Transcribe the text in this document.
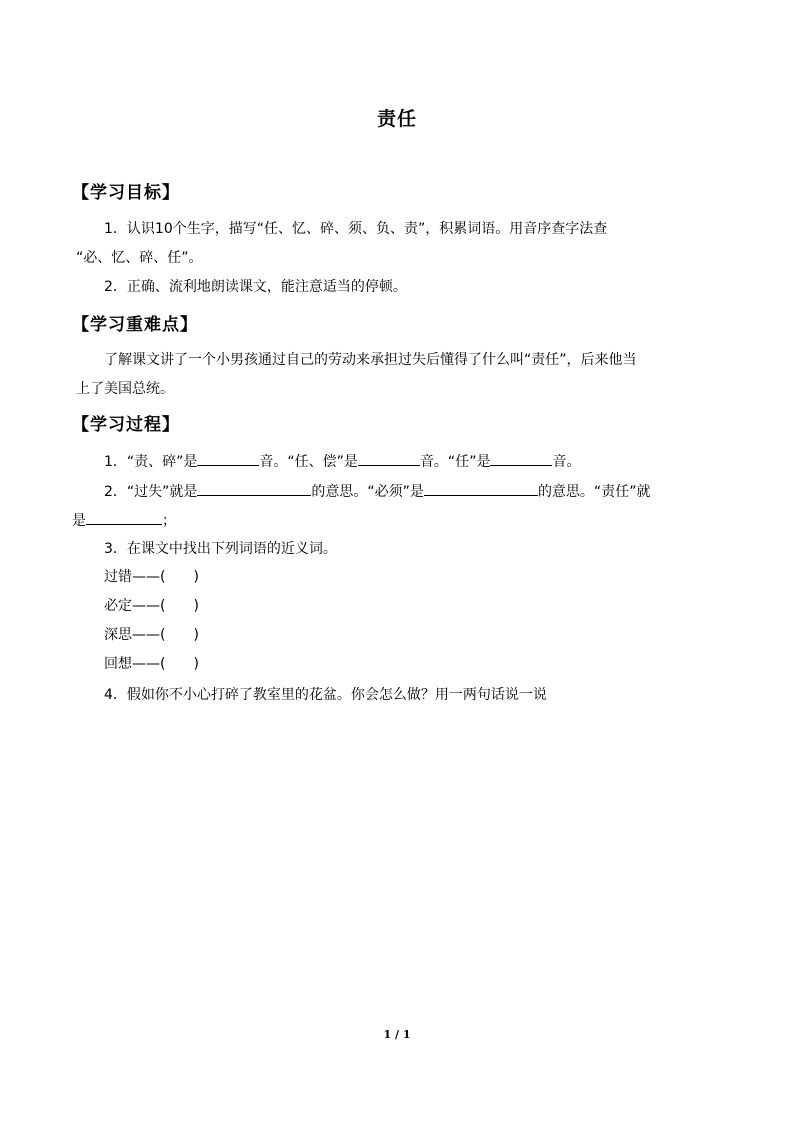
责任
【学习目标】
1．认识10个生字，描写“任、忆、碎、须、负、责”，积累词语。用音序查字法查
“必、忆、碎、任”。
2．正确、流利地朗读课文，能注意适当的停顿。
【学习重难点】
了解课文讲了一个小男孩通过自己的劳动来承担过失后懂得了什么叫“责任”，后来他当
上了美国总统。
【学习过程】
1．“责、碎”是	音。“任、偿”是	音。“任”是	音。
2．“过失”就是	的意思。“必须”是	的意思。“责任”就
是	；
3．在课文中找出下列词语的近义词。
过错——(　　)
必定——(　　)
深思——(　　)
回想——(　　)
4．假如你不小心打碎了教室里的花盆。你会怎么做？用一两句话说一说
1 / 1
